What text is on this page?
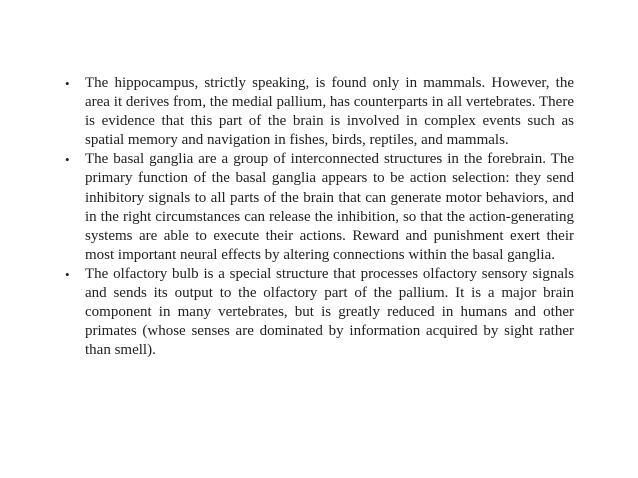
• The hippocampus, strictly speaking, is found only in mammals. However, the area it derives from, the medial pallium, has counterparts in all vertebrates. There is evidence that this part of the brain is involved in complex events such as spatial memory and navigation in fishes, birds, reptiles, and mammals.
• The basal ganglia are a group of interconnected structures in the forebrain. The primary function of the basal ganglia appears to be action selection: they send inhibitory signals to all parts of the brain that can generate motor behaviors, and in the right circumstances can release the inhibition, so that the action-generating systems are able to execute their actions. Reward and punishment exert their most important neural effects by altering connections within the basal ganglia.
• The olfactory bulb is a special structure that processes olfactory sensory signals and sends its output to the olfactory part of the pallium. It is a major brain component in many vertebrates, but is greatly reduced in humans and other primates (whose senses are dominated by information acquired by sight rather than smell).
